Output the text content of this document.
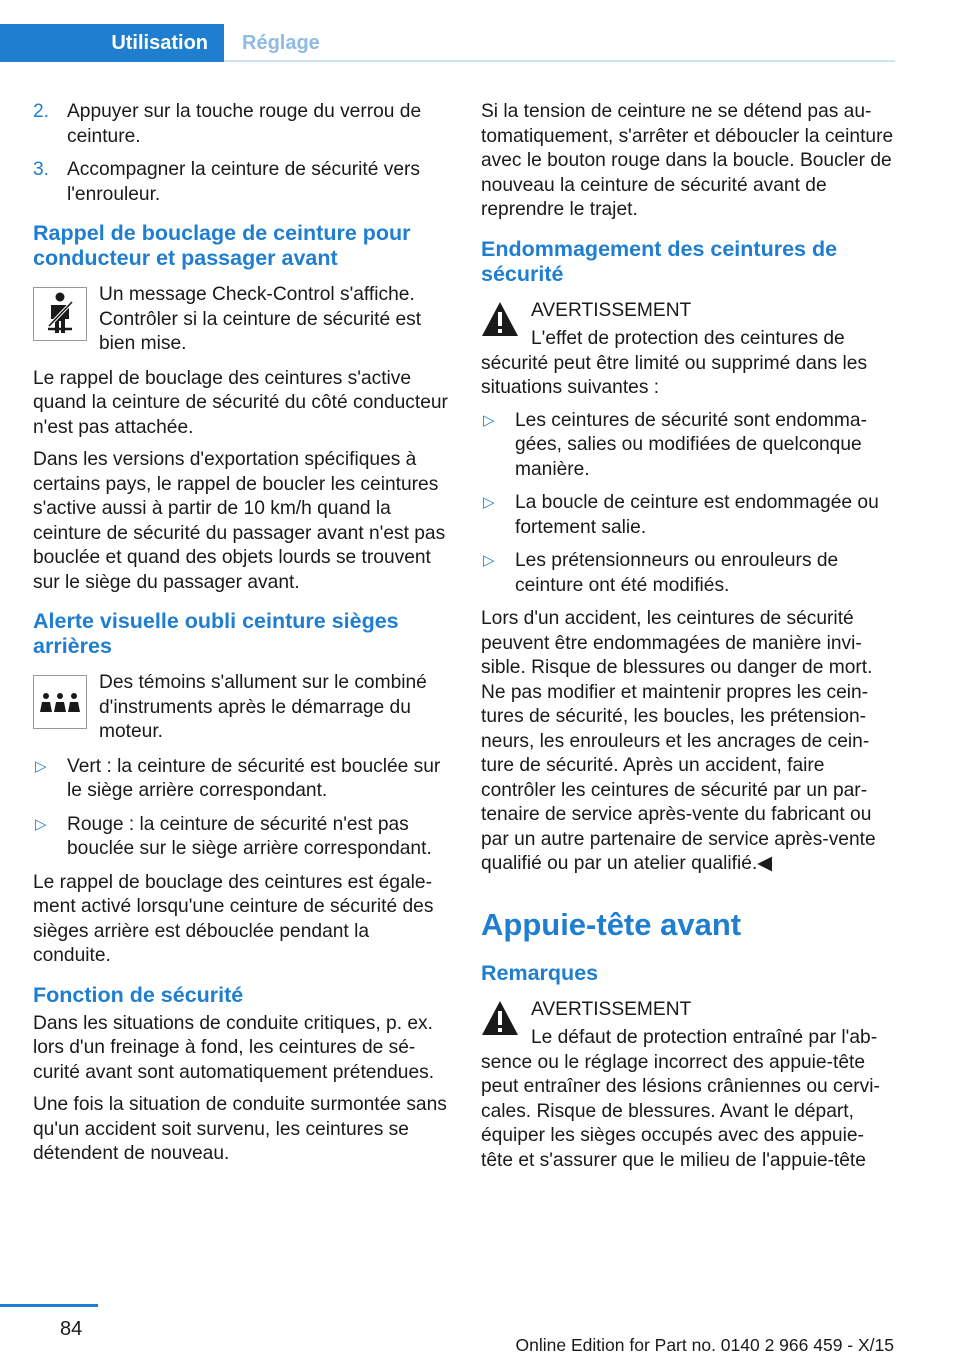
Utilisation	Réglage
2. Appuyer sur la touche rouge du verrou de ceinture.
3. Accompagner la ceinture de sécurité vers l'enrouleur.
Rappel de bouclage de ceinture pour conducteur et passager avant

Un message Check-Control s'affiche. Contrôler si la ceinture de sécurité est bien mise.

Le rappel de bouclage des ceintures s'active quand la ceinture de sécurité du côté conducteur n'est pas attachée.

Dans les versions d'exportation spécifiques à certains pays, le rappel de boucler les ceintures s'active aussi à partir de 10 km/h quand la ceinture de sécurité du passager avant n'est pas bouclée et quand des objets lourds se trouvent sur le siège du passager avant.

Alerte visuelle oubli ceinture sièges arrières

Des témoins s'allument sur le combiné d'instruments après le démarrage du moteur.

▷ Vert : la ceinture de sécurité est bouclée sur le siège arrière correspondant.
▷ Rouge : la ceinture de sécurité n'est pas bouclée sur le siège arrière correspondant.

Le rappel de bouclage des ceintures est également activé lorsqu'une ceinture de sécurité des sièges arrière est débouclée pendant la conduite.

Fonction de sécurité

Dans les situations de conduite critiques, p. ex. lors d'un freinage à fond, les ceintures de sécurité avant sont automatiquement prétendues.

Une fois la situation de conduite surmontée sans qu'un accident soit survenu, les ceintures se détendent de nouveau.

Si la tension de ceinture ne se détend pas automatiquement, s'arrêter et déboucler la ceinture avec le bouton rouge dans la boucle. Boucler de nouveau la ceinture de sécurité avant de reprendre le trajet.

Endommagement des ceintures de sécurité
AVERTISSEMENT

L'effet de protection des ceintures de sécurité peut être limité ou supprimé dans les situations suivantes :

▷ Les ceintures de sécurité sont endommagées, salies ou modifiées de quelconque manière.
▷ La boucle de ceinture est endommagée ou fortement salie.
▷ Les prétensionneurs ou enrouleurs de ceinture ont été modifiés.

Lors d'un accident, les ceintures de sécurité peuvent être endommagées de manière invisible. Risque de blessures ou danger de mort. Ne pas modifier et maintenir propres les ceintures de sécurité, les boucles, les prétensionneurs, les enrouleurs et les ancrages de ceinture de sécurité. Après un accident, faire contrôler les ceintures de sécurité par un partenaire de service après-vente du fabricant ou par un autre partenaire de service après-vente qualifié ou par un atelier qualifié.◀

Appuie-tête avant
Remarques
AVERTISSEMENT

Le défaut de protection entraîné par l'absence ou le réglage incorrect des appuie-tête peut entraîner des lésions crâniennes ou cervicales. Risque de blessures. Avant le départ, équiper les sièges occupés avec des appuie-tête et s'assurer que le milieu de l'appuie-tête

84
Online Edition for Part no. 0140 2 966 459 - X/15
